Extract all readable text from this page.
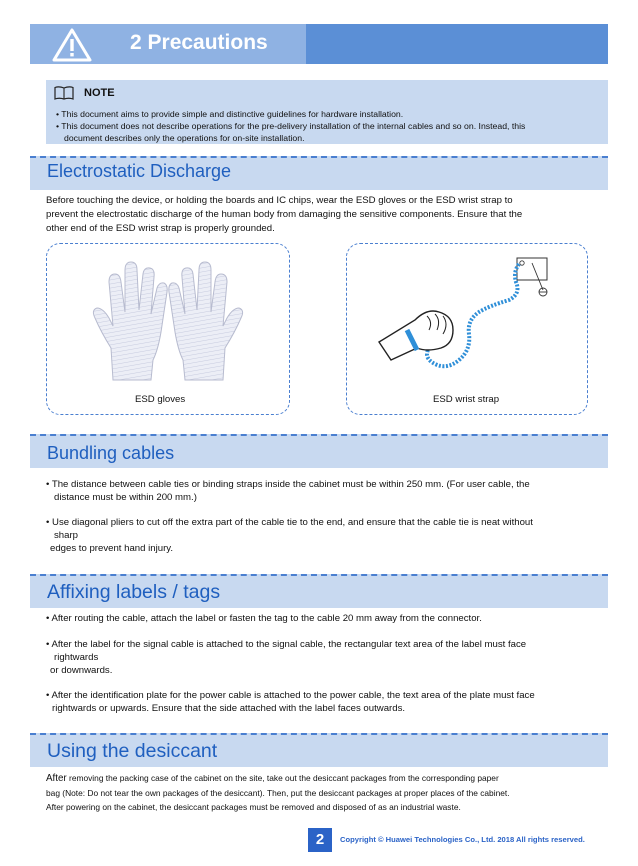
2 Precautions
NOTE
• This document aims to provide simple and distinctive guidelines for hardware installation.
• This document does not describe operations for the pre-delivery installation of the internal cables and so on. Instead, this
document describes only the operations for on-site installation.
Electrostatic Discharge
Before touching the device, or holding the boards and IC chips, wear the ESD gloves or the ESD wrist strap to
prevent the electrostatic discharge of the human body from damaging the sensitive components. Ensure that the
other end of the ESD wrist strap is properly grounded.
ESD gloves	ESD wrist strap
Bundling cables
• The distance between cable ties or binding straps inside the cabinet must be within 250 mm. (For user cable, the
distance must be within 200 mm.)
• Use diagonal pliers to cut off the extra part of the cable tie to the end, and ensure that the cable tie is neat without
sharp
edges to prevent hand injury.
Affixing labels / tags
• After routing the cable, attach the label or fasten the tag to the cable 20 mm away from the connector.
• After the label for the signal cable is attached to the signal cable, the rectangular text area of the label must face
rightwards
or downwards.
• After the identification plate for the power cable is attached to the power cable, the text area of the plate must face
rightwards or upwards. Ensure that the side attached with the label faces outwards.
Using the desiccant
After removing the packing case of the cabinet on the site, take out the desiccant packages from the corresponding paper
bag (Note: Do not tear the own packages of the desiccant). Then, put the desiccant packages at proper places of the cabinet.
After powering on the cabinet, the desiccant packages must be removed and disposed of as an industrial waste.
2	Copyright © Huawei Technologies Co., Ltd. 2018 All rights reserved.
